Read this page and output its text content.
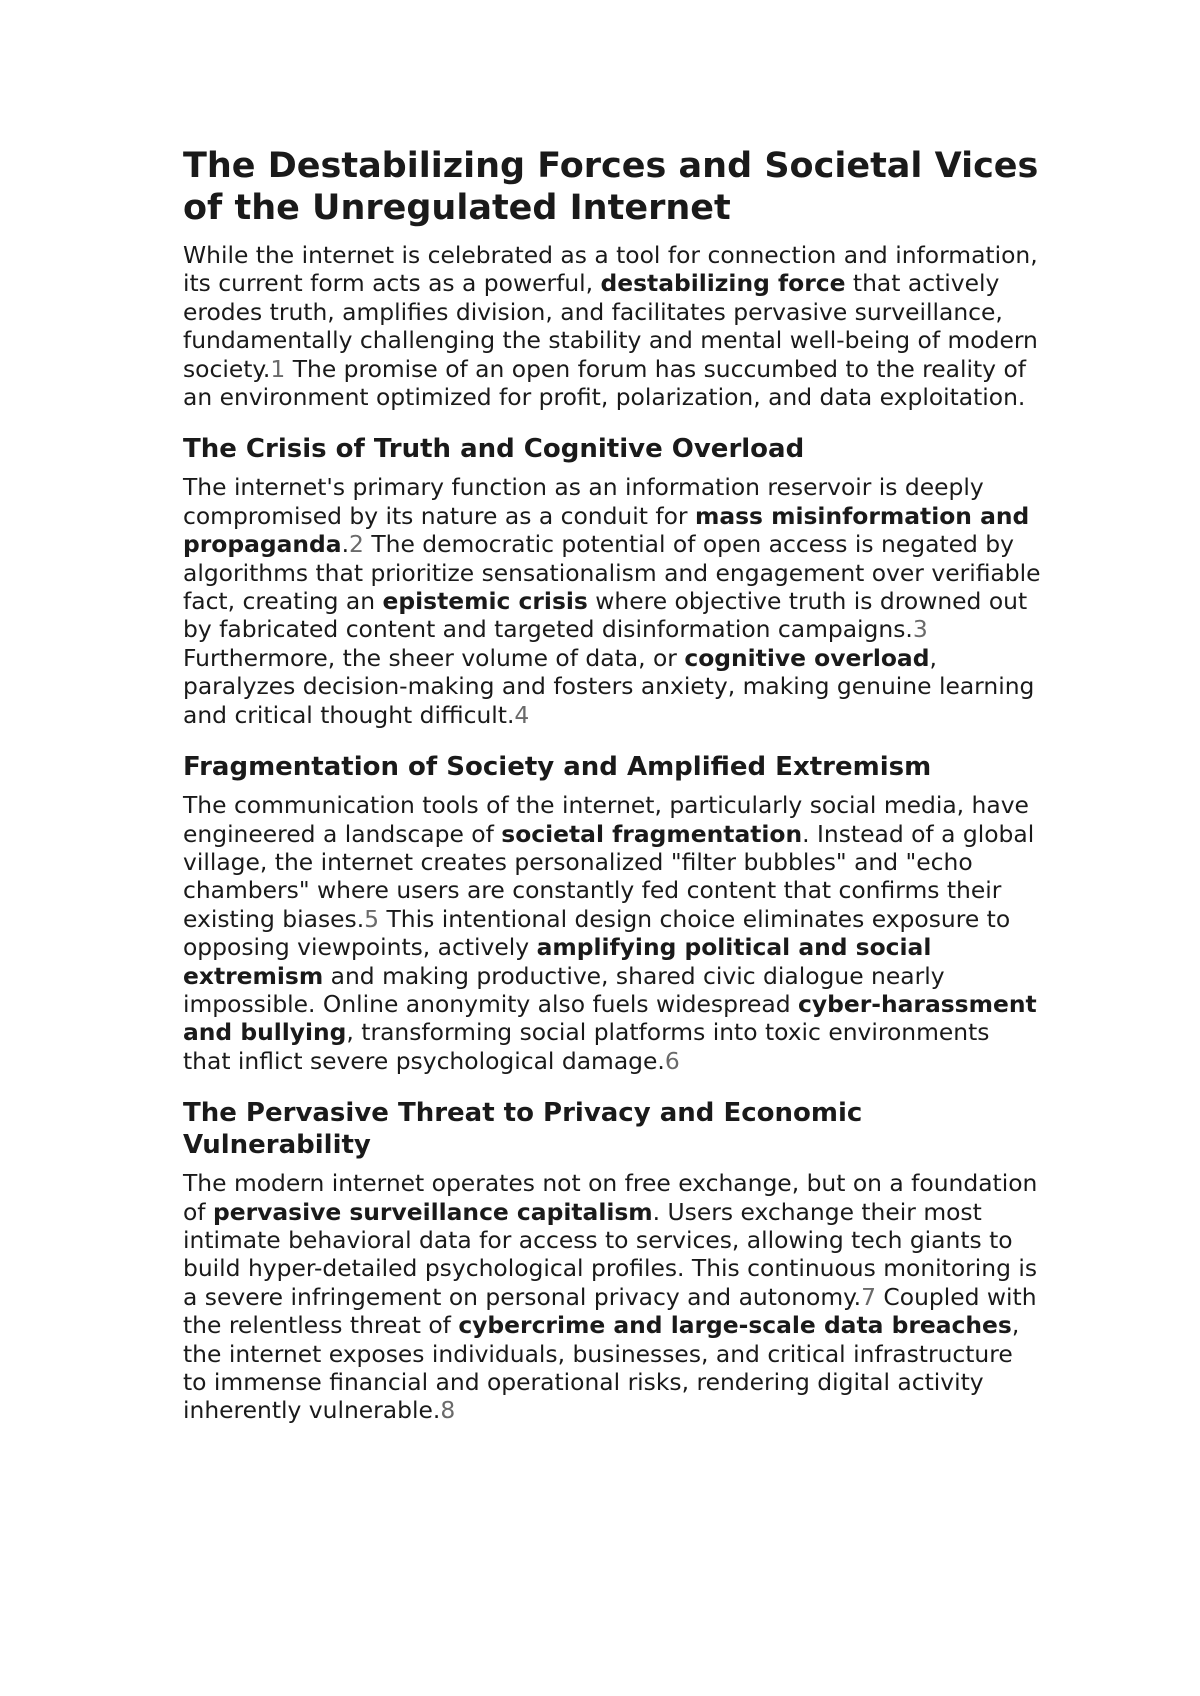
The Destabilizing Forces and Societal Vices of the Unregulated Internet

While the internet is celebrated as a tool for connection and information, its current form acts as a powerful, destabilizing force that actively erodes truth, amplifies division, and facilitates pervasive surveillance, fundamentally challenging the stability and mental well-being of modern society.1 The promise of an open forum has succumbed to the reality of an environment optimized for profit, polarization, and data exploitation.

The Crisis of Truth and Cognitive Overload

The internet's primary function as an information reservoir is deeply compromised by its nature as a conduit for mass misinformation and propaganda.2 The democratic potential of open access is negated by algorithms that prioritize sensationalism and engagement over verifiable fact, creating an epistemic crisis where objective truth is drowned out by fabricated content and targeted disinformation campaigns.3 Furthermore, the sheer volume of data, or cognitive overload, paralyzes decision-making and fosters anxiety, making genuine learning and critical thought difficult.4

Fragmentation of Society and Amplified Extremism

The communication tools of the internet, particularly social media, have engineered a landscape of societal fragmentation. Instead of a global village, the internet creates personalized "filter bubbles" and "echo chambers" where users are constantly fed content that confirms their existing biases.5 This intentional design choice eliminates exposure to opposing viewpoints, actively amplifying political and social extremism and making productive, shared civic dialogue nearly impossible. Online anonymity also fuels widespread cyber-harassment and bullying, transforming social platforms into toxic environments that inflict severe psychological damage.6

The Pervasive Threat to Privacy and Economic Vulnerability

The modern internet operates not on free exchange, but on a foundation of pervasive surveillance capitalism. Users exchange their most intimate behavioral data for access to services, allowing tech giants to build hyper-detailed psychological profiles. This continuous monitoring is a severe infringement on personal privacy and autonomy.7 Coupled with the relentless threat of cybercrime and large-scale data breaches, the internet exposes individuals, businesses, and critical infrastructure to immense financial and operational risks, rendering digital activity inherently vulnerable.8
